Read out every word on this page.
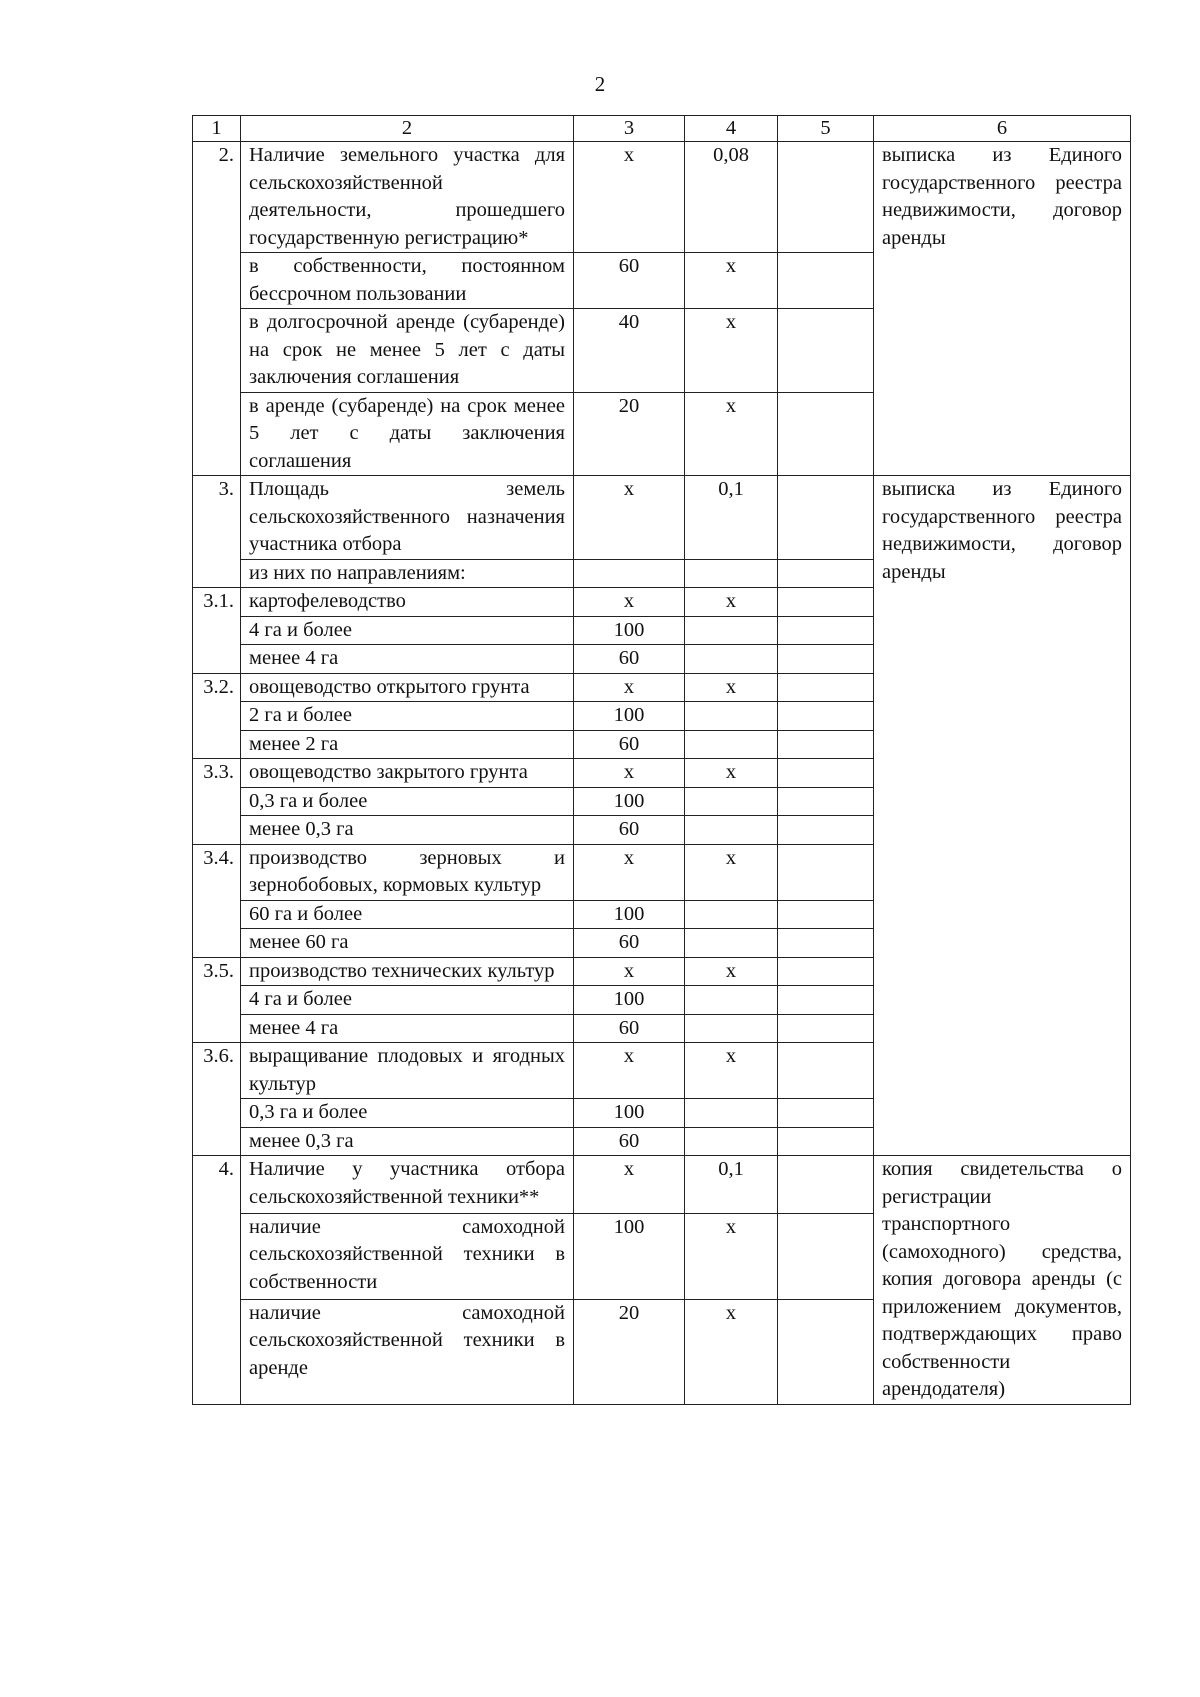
2
1	2	3	4	5	6
2.	Наличие земельного участка для сельскохозяйственной деятельности, прошедшего государственную регистрацию*	х	0,08		выписка из Единого государственного реестра недвижимости, договор аренды
	в собственности, постоянном бессрочном пользовании	60	х		
	в долгосрочной аренде (субаренде) на срок не менее 5 лет с даты заключения соглашения	40	х		
	в аренде (субаренде) на срок менее 5 лет с даты заключения соглашения	20	х		
3.	Площадь земель сельскохозяйственного назначения участника отбора	х	0,1		выписка из Единого государственного реестра недвижимости, договор аренды
	из них по направлениям:				
3.1.	картофелеводство	х	х		
	4 га и более	100			
	менее 4 га	60			
3.2.	овощеводство открытого грунта	х	х		
	2 га и более	100			
	менее 2 га	60			
3.3.	овощеводство закрытого грунта	х	х		
	0,3 га и более	100			
	менее 0,3 га	60			
3.4.	производство зерновых и зернобобовых, кормовых культур	х	х		
	60 га и более	100			
	менее 60 га	60			
3.5.	производство технических культур	х	х		
	4 га и более	100			
	менее 4 га	60			
3.6.	выращивание плодовых и ягодных культур	х	х		
	0,3 га и более	100			
	менее 0,3 га	60			
4.	Наличие у участника отбора сельскохозяйственной техники**	х	0,1		копия свидетельства о регистрации транспортного (самоходного) средства, копия договора аренды (с приложением документов, подтверждающих право собственности арендодателя)
	наличие самоходной сельскохозяйственной техники в собственности	100	х		
	наличие самоходной сельскохозяйственной техники в аренде	20	х		
